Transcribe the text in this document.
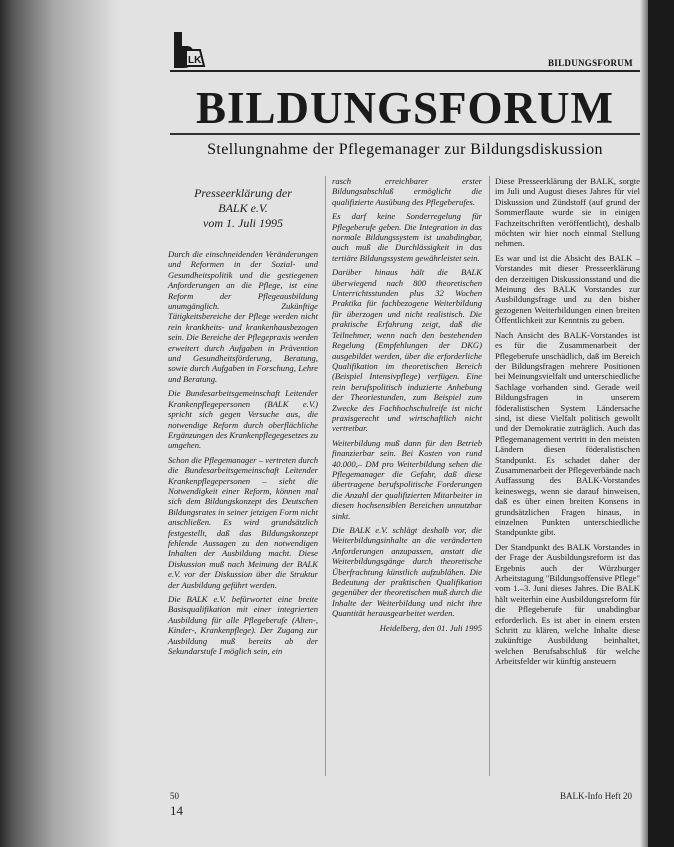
LK	BILDUNGSFORUM
BILDUNGSFORUM
Stellungnahme der Pflegemanager zur Bildungsdiskussion
Presseerklärung der
BALK e.V.
vom 1. Juli 1995

Durch die einschneidenden Veränderungen und Reformen in der Sozial- und Gesundheitspolitik und die gestiegenen Anforderungen an die Pflege, ist eine Reform der Pflegeausbildung unumgänglich. Zukünftige Tätigkeitsbereiche der Pflege werden nicht rein krankheits- und krankenhausbezogen sein. Die Bereiche der Pflegepraxis werden erweitert durch Aufgaben in Prävention und Gesundheitsförderung, Beratung, sowie durch Aufgaben in Forschung, Lehre und Beratung.

Die Bundesarbeitsgemeinschaft Leitender Krankenpflegepersonen (BALK e.V.) spricht sich gegen Versuche aus, die notwendige Reform durch oberflächliche Ergänzungen des Krankenpflegegesetzes zu umgehen.

Schon die Pflegemanager – vertreten durch die Bundesarbeitsgemeinschaft Leitender Krankenpflegepersonen – sieht die Notwendigkeit einer Reform, können mal sich dem Bildungskonzept des Deutschen Bildungsrates in seiner jetzigen Form nicht anschließen. Es wird grundsätzlich festgestellt, daß das Bildungskonzept fehlende Aussagen zu den notwendigen Inhalten der Ausbildung macht. Diese Diskussion muß nach Meinung der BALK e.V. vor der Diskussion über die Struktur der Ausbildung geführt werden.

Die BALK e.V. befürwortet eine breite Basisqualifikation mit einer integrierten Ausbildung für alle Pflegeberufe (Alten-, Kinder-, Krankenpflege). Der Zugang zur Ausbildung muß bereits ab der Sekundarstufe I möglich sein, ein

rasch erreichbarer erster Bildungsabschluß ermöglicht die qualifizierte Ausübung des Pflegeberufes.

Es darf keine Sonderregelung für Pflegeberufe geben. Die Integration in das normale Bildungssystem ist unabdingbar, auch muß die Durchlässigkeit in das tertiäre Bildungssystem gewährleistet sein.

Darüber hinaus hält die BALK überwiegend nach 800 theoretischen Unterrichtsstunden plus 32 Wochen Praktika für fachbezogene Weiterbildung für überzogen und nicht realistisch. Die praktische Erfahrung zeigt, daß die Teilnehmer, wenn nach den bestehenden Regelung (Empfehlungen der DKG) ausgebildet werden, über die erforderliche Qualifikation im theoretischen Bereich (Beispiel Intensivpflege) verfügen. Eine rein berufspolitisch induzierte Anhebung der Theoriestunden, zum Beispiel zum Zwecke des Fachhochschulreife ist nicht praxisgerecht und wirtschaftlich nicht vertretbar.

Weiterbildung muß dann für den Betrieb finanzierbar sein. Bei Kosten von rund 40.000,– DM pro Weiterbildung sehen die Pflegemanager die Gefahr, daß diese übertragene berufspolitische Forderungen die Anzahl der qualifizierten Mitarbeiter in diesen hochsensiblen Bereichen unnutzbar sinkt.

Die BALK e.V. schlägt deshalb vor, die Weiterbildungsinhalte an die veränderten Anforderungen anzupassen, anstatt die Weiterbildungsgänge durch theoretische Überfrachtung künstlich aufzublähen. Die Bedeutung der praktischen Qualifikation gegenüber der theoretischen muß durch die Inhalte der Weiterbildung und nicht ihre Quantität herausgearbeitet werden.

Heidelberg, den 01. Juli 1995

Diese Presseerklärung der BALK, sorgte im Juli und August dieses Jahres für viel Diskussion und Zündstoff (auf grund der Sommerflaute wurde sie in einigen Fachzeitschriften veröffentlicht), deshalb möchten wir hier noch einmal Stellung nehmen.

Es war und ist die Absicht des BALK – Vorstandes mit dieser Presseerklärung den derzeitigen Diskussionsstand und die Meinung des BALK Vorstandes zur Ausbildungsfrage und zu den bisher gezogenen Weiterbildungen einen breiten Öffentlichkeit zur Kenntnis zu geben.

Nach Ansicht des BALK-Vorstandes ist es für die Zusammenarbeit der Pflegeberufe unschädlich, daß im Bereich der Bildungsfragen mehrere Positionen bei Meinungsvielfalt und unterschiedliche Sachlage vorhanden sind. Gerade weil Bildungsfragen in unserem föderalistischen System Ländersache sind, ist diese Vielfalt politisch gewollt und der Demokratie zuträglich. Auch das Pflegemanagement vertritt in den meisten Ländern diesen föderalistischen Standpunkt. Es schadet daher der Zusammenarbeit der Pflegeverbände nach Auffassung des BALK-Vorstandes keineswegs, wenn sie darauf hinweisen, daß es über einen breiten Konsens in grundsätzlichen Fragen hinaus, in einzelnen Punkten unterschiedliche Standpunkte gibt.

Der Standpunkt des BALK Vorstandes in der Frage der Ausbildungsreform ist das Ergebnis auch der Würzburger Arbeitstagung "Bildungsoffensive Pflege" vom 1.–3. Juni dieses Jahres. Die BALK hält weiterhin eine Ausbildungsreform für die Pflegeberufe für unabdingbar erforderlich. Es ist aber in einem ersten Schritt zu klären, welche Inhalte diese zukünftige Ausbildung beinhaltet, welchen Berufsabschluß für welche Arbeitsfelder wir künftig ansteuern

50
14
BALK-Info Heft 20
